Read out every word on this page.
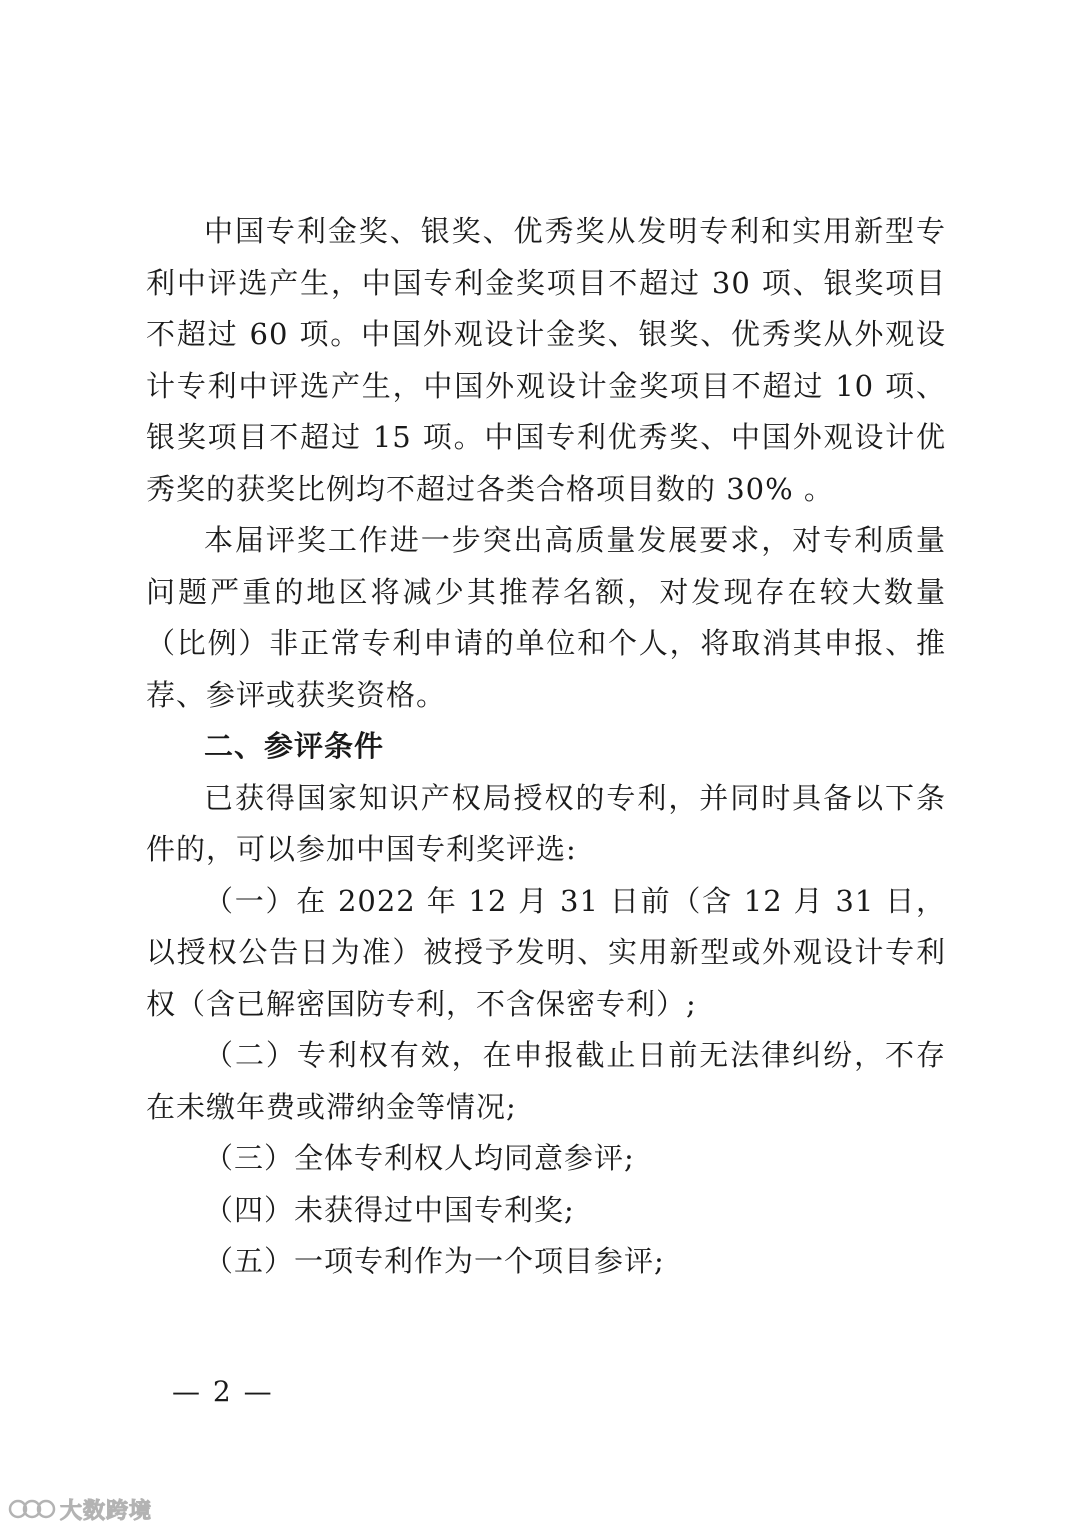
中国专利金奖、银奖、优秀奖从发明专利和实用新型专利中评选产生，中国专利金奖项目不超过 30 项、银奖项目不超过 60 项。中国外观设计金奖、银奖、优秀奖从外观设计专利中评选产生，中国外观设计金奖项目不超过 10 项、银奖项目不超过 15 项。中国专利优秀奖、中国外观设计优秀奖的获奖比例均不超过各类合格项目数的 30% 。

本届评奖工作进一步突出高质量发展要求，对专利质量问题严重的地区将减少其推荐名额，对发现存在较大数量（比例）非正常专利申请的单位和个人，将取消其申报、推荐、参评或获奖资格。

二、参评条件

已获得国家知识产权局授权的专利，并同时具备以下条件的，可以参加中国专利奖评选:

（一）在 2022 年 12 月 31 日前（含 12 月 31 日，以授权公告日为准）被授予发明、实用新型或外观设计专利权（含已解密国防专利，不含保密专利）;

（二）专利权有效，在申报截止日前无法律纠纷，不存在未缴年费或滞纳金等情况;

（三）全体专利权人均同意参评;

（四）未获得过中国专利奖;

（五）一项专利作为一个项目参评;

— 2 —
大数跨境
